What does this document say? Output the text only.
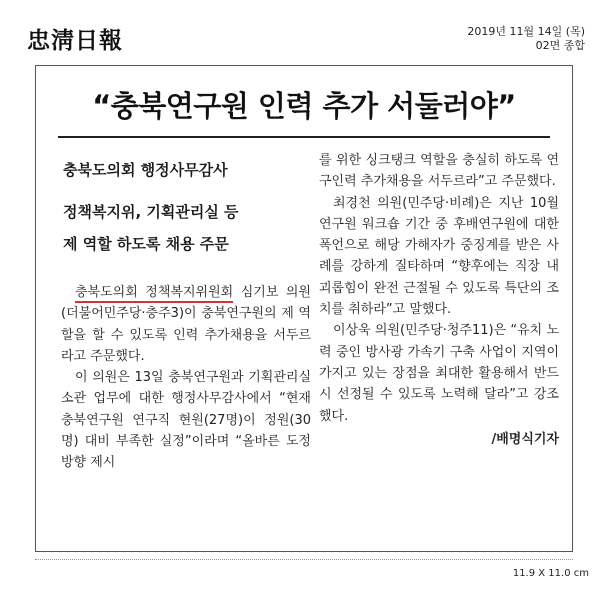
忠淸日報	2019년 11월 14일 (목)
02면 종합
“충북연구원 인력 추가 서둘러야”
충북도의회 행정사무감사
정책복지위, 기획관리실 등
제 역할 하도록 채용 주문

충북도의회 정책복지위원회 심기보 의원(더불어민주당·충주3)이 충북연구원의 제 역할을 할 수 있도록 인력 추가채용을 서두르라고 주문했다.

이 의원은 13일 충북연구원과 기획관리실 소관 업무에 대한 행정사무감사에서 “현재 충북연구원 연구직 현원(27명)이 정원(30명) 대비 부족한 실정”이라며 “올바른 도정 방향 제시

를 위한 싱크탱크 역할을 충실히 하도록 연구인력 추가채용을 서두르라”고 주문했다.

최경천 의원(민주당·비례)은 지난 10월 연구원 워크숍 기간 중 후배연구원에 대한 폭언으로 해당 가해자가 중징계를 받은 사례를 강하게 질타하며 “향후에는 직장 내 괴롭힘이 완전 근절될 수 있도록 특단의 조치를 취하라”고 말했다.

이상욱 의원(민주당·청주11)은 “유치 노력 중인 방사광 가속기 구축 사업이 지역이 가지고 있는 장점을 최대한 활용해서 반드시 선정될 수 있도록 노력해 달라”고 강조했다.

/배명식기자
11.9 X 11.0 cm
